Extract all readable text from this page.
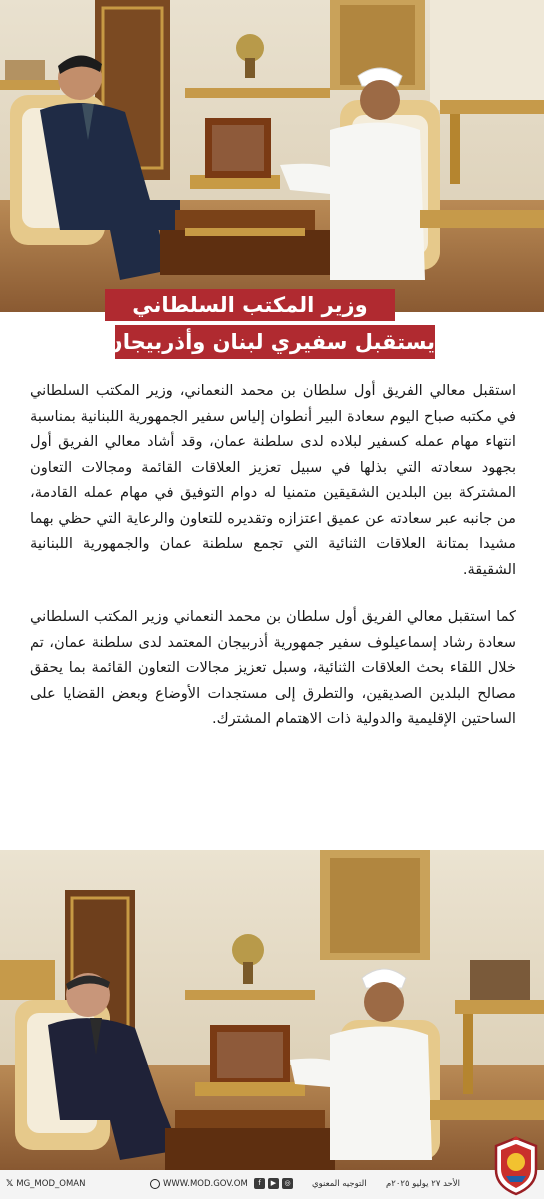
وزير المكتب السلطاني
يستقبل سفيري لبنان وأذربيجان

استقبل معالي الفريق أول سلطان بن محمد النعماني، وزير المكتب السلطاني في مكتبه صباح اليوم سعادة البير أنطوان إلياس سفير الجمهورية اللبنانية بمناسبة انتهاء مهام عمله كسفير لبلاده لدى سلطنة عمان، وقد أشاد معالي الفريق أول بجهود سعادته التي بذلها في سبيل تعزيز العلاقات القائمة ومجالات التعاون المشتركة بين البلدين الشقيقين متمنيا له دوام التوفيق في مهام عمله القادمة، من جانبه عبر سعادته عن عميق اعتزازه وتقديره للتعاون والرعاية التي حظي بهما مشيدا بمتانة العلاقات الثنائية التي تجمع سلطنة عمان والجمهورية اللبنانية الشقيقة.

كما استقبل معالي الفريق أول سلطان بن محمد النعماني وزير المكتب السلطاني سعادة رشاد إسماعيلوف سفير جمهورية أذربيجان المعتمد لدى سلطنة عمان، تم خلال اللقاء بحث العلاقات الثنائية، وسبل تعزيز مجالات التعاون القائمة بما يحقق مصالح البلدين الصديقين، والتطرق إلى مستجدات الأوضاع وبعض القضايا على الساحتين الإقليمية والدولية ذات الاهتمام المشترك.

𝕏 MG_MOD_OMAN	WWW.MOD.GOV.OM	f	▶	◎	التوجيه المعنوي الأحد ٢٧ يوليو ٢٠٢٥م
